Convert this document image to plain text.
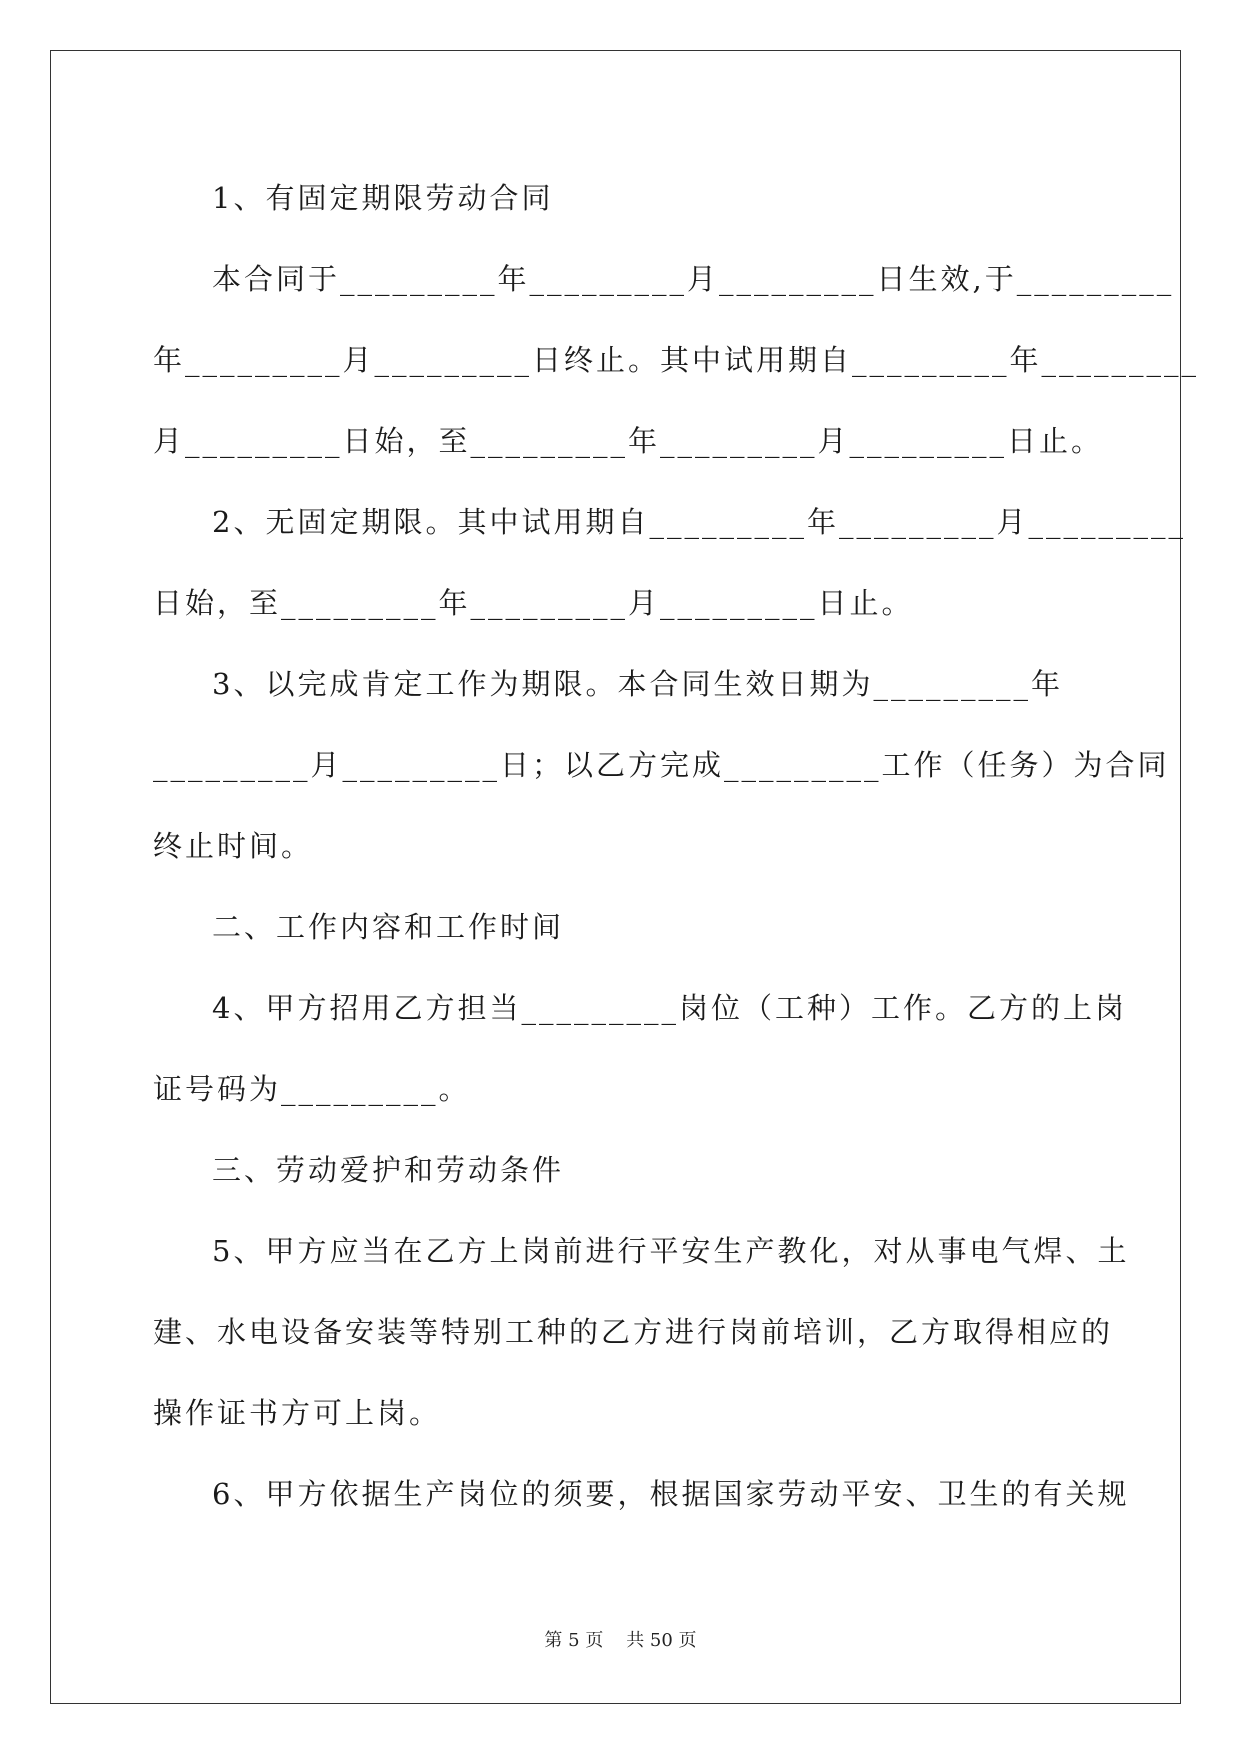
1、有固定期限劳动合同

本合同于_________年_________月_________日生效,于_________

年_________月_________日终止。其中试用期自_________年_________

月_________日始，至_________年_________月_________日止。

2、无固定期限。其中试用期自_________年_________月_________

日始，至_________年_________月_________日止。

3、以完成肯定工作为期限。本合同生效日期为_________年

_________月_________日；以乙方完成_________工作（任务）为合同

终止时间。

二、工作内容和工作时间

4、甲方招用乙方担当_________岗位（工种）工作。乙方的上岗

证号码为_________。

三、劳动爱护和劳动条件

5、甲方应当在乙方上岗前进行平安生产教化，对从事电气焊、土

建、水电设备安装等特别工种的乙方进行岗前培训，乙方取得相应的

操作证书方可上岗。

6、甲方依据生产岗位的须要，根据国家劳动平安、卫生的有关规

第 5 页    共 50 页
